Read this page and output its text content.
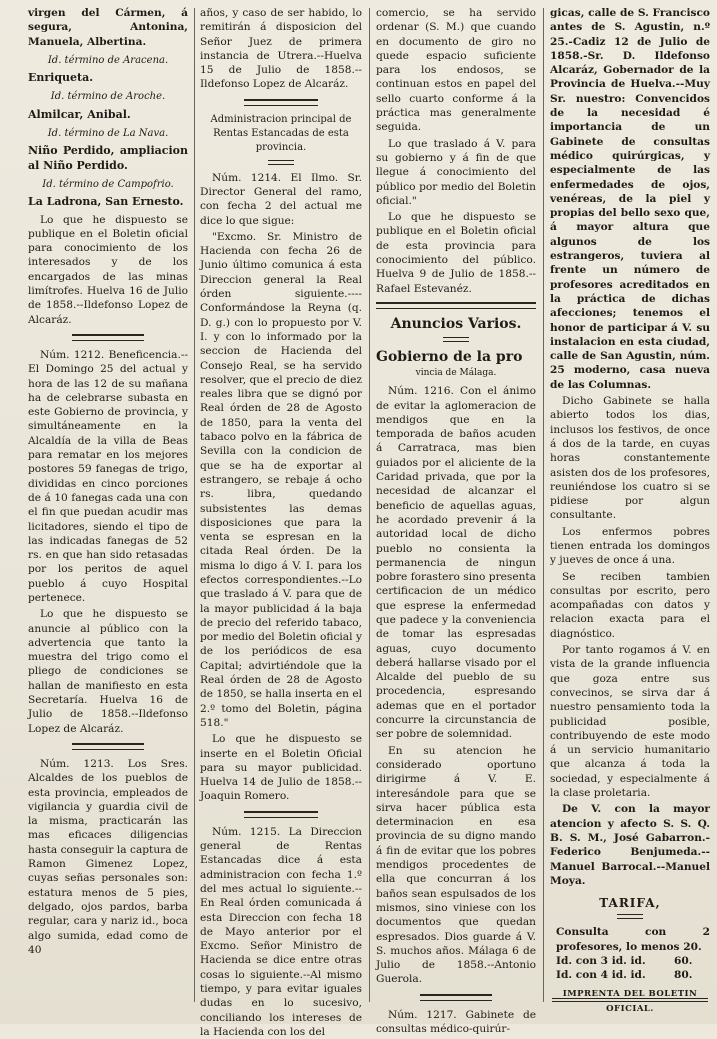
virgen del Cármen, á segura, Antonina, Manuela, Albertina.

Id. término de Aracena.

Enriqueta.

Id. término de Aroche.

Almilcar, Anibal.

Id. término de La Nava.

Niño Perdido, ampliacion al Niño Perdido.

Id. término de Campofrio.

La Ladrona, San Ernesto.

Lo que he dispuesto se publique en el Boletin oficial para conocimiento de los interesados y de los encargados de las minas limítrofes. Huelva 16 de Julio de 1858.--Ildefonso Lopez de Alcaráz.

Núm. 1212. Beneficencia.--El Domingo 25 del actual y hora de las 12 de su mañana ha de celebrarse subasta en este Gobierno de provincia, y simultáneamente en la Alcaldía de la villa de Beas para rematar en los mejores postores 59 fanegas de trigo, divididas en cinco porciones de á 10 fanegas cada una con el fin que puedan acudir mas licitadores, siendo el tipo de las indicadas fanegas de 52 rs. en que han sido retasadas por los peritos de aquel pueblo á cuyo Hospital pertenece.

Lo que he dispuesto se anuncie al público con la advertencia que tanto la muestra del trigo como el pliego de condiciones se hallan de manifiesto en esta Secretaría. Huelva 16 de Julio de 1858.--Ildefonso Lopez de Alcaráz.

Núm. 1213. Los Sres. Alcaldes de los pueblos de esta provincia, empleados de vigilancia y guardia civil de la misma, practicarán las mas eficaces diligencias hasta conseguir la captura de Ramon Gimenez Lopez, cuyas señas personales son: estatura menos de 5 pies, delgado, ojos pardos, barba regular, cara y nariz id., boca algo sumida, edad como de 40

años, y caso de ser habido, lo remitirán á disposicion del Señor Juez de primera instancia de Utrera.--Huelva 15 de Julio de 1858.--Ildefonso Lopez de Alcaráz.

Administracion principal de Rentas Estancadas de esta provincia.

Núm. 1214. El Ilmo. Sr. Director General del ramo, con fecha 2 del actual me dice lo que sigue:

"Excmo. Sr. Ministro de Hacienda con fecha 26 de Junio último comunica á esta Direccion general la Real órden siguiente.----Conformándose la Reyna (q. D. g.) con lo propuesto por V. I. y con lo informado por la seccion de Hacienda del Consejo Real, se ha servido resolver, que el precio de diez reales libra que se dignó por Real órden de 28 de Agosto de 1850, para la venta del tabaco polvo en la fábrica de Sevilla con la condicion de que se ha de exportar al estrangero, se rebaje á ocho rs. libra, quedando subsistentes las demas disposiciones que para la venta se espresan en la citada Real órden. De la misma lo digo á V. I. para los efectos correspondientes.--Lo que traslado á V. para que de la mayor publicidad á la baja de precio del referido tabaco, por medio del Boletin oficial y de los periódicos de esa Capital; advirtiéndole que la Real órden de 28 de Agosto de 1850, se halla inserta en el 2.º tomo del Boletin, página 518."

Lo que he dispuesto se inserte en el Boletin Oficial para su mayor publicidad. Huelva 14 de Julio de 1858.--Joaquin Romero.

Núm. 1215. La Direccion general de Rentas Estancadas dice á esta administracion con fecha 1.º del mes actual lo siguiente.--En Real órden comunicada á esta Direccion con fecha 18 de Mayo anterior por el Excmo. Señor Ministro de Hacienda se dice entre otras cosas lo siguiente.--Al mismo tiempo, y para evitar iguales dudas en lo sucesivo, conciliando los intereses de la Hacienda con los del

comercio, se ha servido ordenar (S. M.) que cuando en documento de giro no quede espacio suficiente para los endosos, se continuan estos en papel del sello cuarto conforme á la práctica mas generalmente seguida.

Lo que traslado á V. para su gobierno y á fin de que llegue á conocimiento del público por medio del Boletin oficial."

Lo que he dispuesto se publique en el Boletin oficial de esta provincia para conocimiento del público. Huelva 9 de Julio de 1858.--Rafael Estevanéz.

Anuncios Varios.

Gobierno de la pro

vincia de Málaga.

Núm. 1216. Con el ánimo de evitar la aglomeracion de mendigos que en la temporada de baños acuden á Carratraca, mas bien guiados por el aliciente de la Caridad privada, que por la necesidad de alcanzar el beneficio de aquellas aguas, he acordado prevenir á la autoridad local de dicho pueblo no consienta la permanencia de ningun pobre forastero sino presenta certificacion de un médico que esprese la enfermedad que padece y la conveniencia de tomar las espresadas aguas, cuyo documento deberá hallarse visado por el Alcalde del pueblo de su procedencia, espresando ademas que en el portador concurre la circunstancia de ser pobre de solemnidad.

En su atencion he considerado oportuno dirigirme á V. E. interesándole para que se sirva hacer pública esta determinacion en esa provincia de su digno mando á fin de evitar que los pobres mendigos procedentes de ella que concurran á los baños sean espulsados de los mismos, sino viniese con los documentos que quedan espresados. Dios guarde á V. S. muchos años. Málaga 6 de Julio de 1858.--Antonio Guerola.

Núm. 1217. Gabinete de consultas médico-quirúr-

gicas, calle de S. Francisco antes de S. Agustin, n.º 25.-Cadiz 12 de Julio de 1858.-Sr. D. Ildefonso Alcaráz, Gobernador de la Provincia de Huelva.--Muy Sr. nuestro: Convencidos de la necesidad é importancia de un Gabinete de consultas médico quirúrgicas, y especialmente de las enfermedades de ojos, venéreas, de la piel y propias del bello sexo que, á mayor altura que algunos de los estrangeros, tuviera al frente un número de profesores acreditados en la práctica de dichas afecciones; tenemos el honor de participar á V. su instalacion en esta ciudad, calle de San Agustin, núm. 25 moderno, casa nueva de las Columnas.

Dicho Gabinete se halla abierto todos los dias, inclusos los festivos, de once á dos de la tarde, en cuyas horas constantemente asisten dos de los profesores, reuniéndose los cuatro si se pidiese por algun consultante.

Los enfermos pobres tienen entrada los domingos y jueves de once á una.

Se reciben tambien consultas por escrito, pero acompañadas con datos y relacion exacta para el diagnóstico.

Por tanto rogamos á V. en vista de la grande influencia que goza entre sus convecinos, se sirva dar á nuestro pensamiento toda la publicidad posible, contribuyendo de este modo á un servicio humanitario que alcanza á toda la sociedad, y especialmente á la clase proletaria.

De V. con la mayor atencion y afecto S. S. Q. B. S. M., José Gabarron.-Federico Benjumeda.--Manuel Barrocal.--Manuel Moya.

TARIFA,

Consulta con 2 profesores, lo menos 20.

Id. con 3 id. id.	60.

Id. con 4 id. id.	80.

IMPRENTA DEL BOLETIN OFICIAL.
